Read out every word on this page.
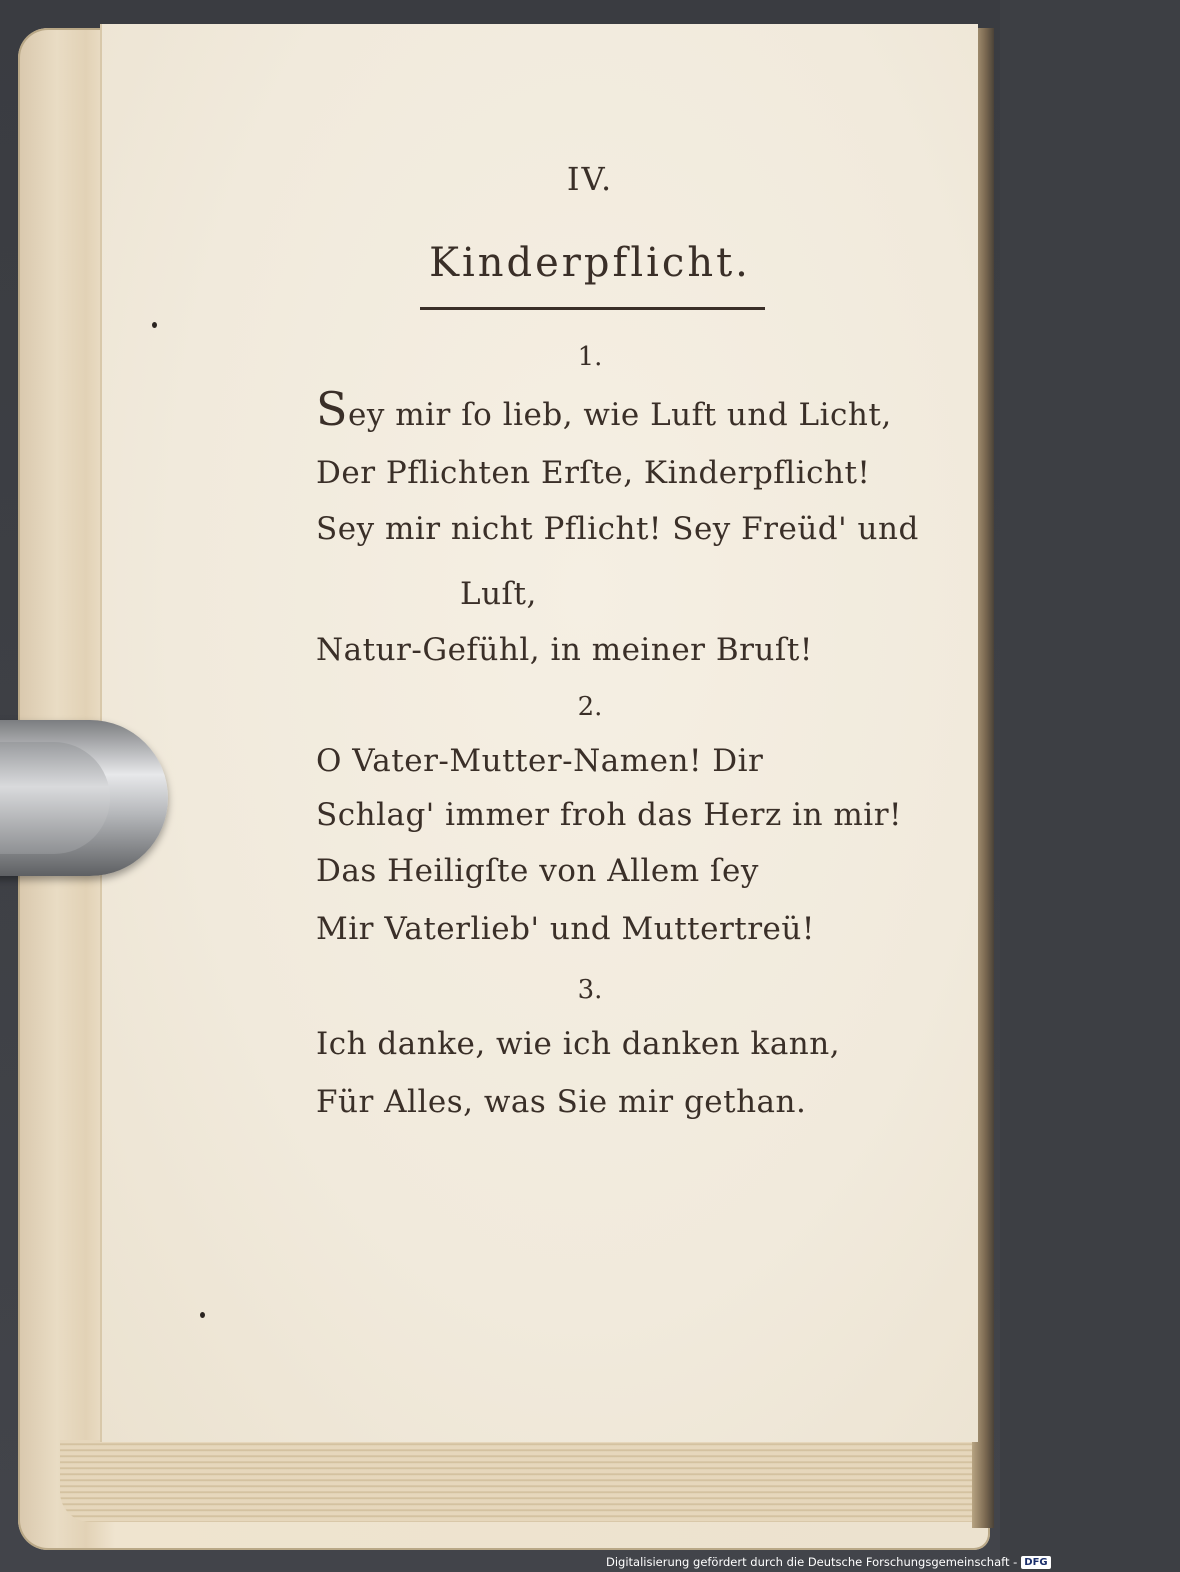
IV.
Kinderpflicht.
1.
Sey mir ſo lieb, wie Luft und Licht,
Der Pflichten Erſte, Kinderpflicht!
Sey mir nicht Pflicht! Sey Freüd' und
Luſt,
Natur-Gefühl, in meiner Bruſt!
2.
O Vater-Mutter-Namen! Dir
Schlag' immer froh das Herz in mir!
Das Heiligſte von Allem ſey
Mir Vaterlieb' und Muttertreü!
3.
Ich danke, wie ich danken kann,
Für Alles, was Sie mir gethan.
Digitalisierung gefördert durch die Deutsche Forschungsgemeinschaft - DFG
